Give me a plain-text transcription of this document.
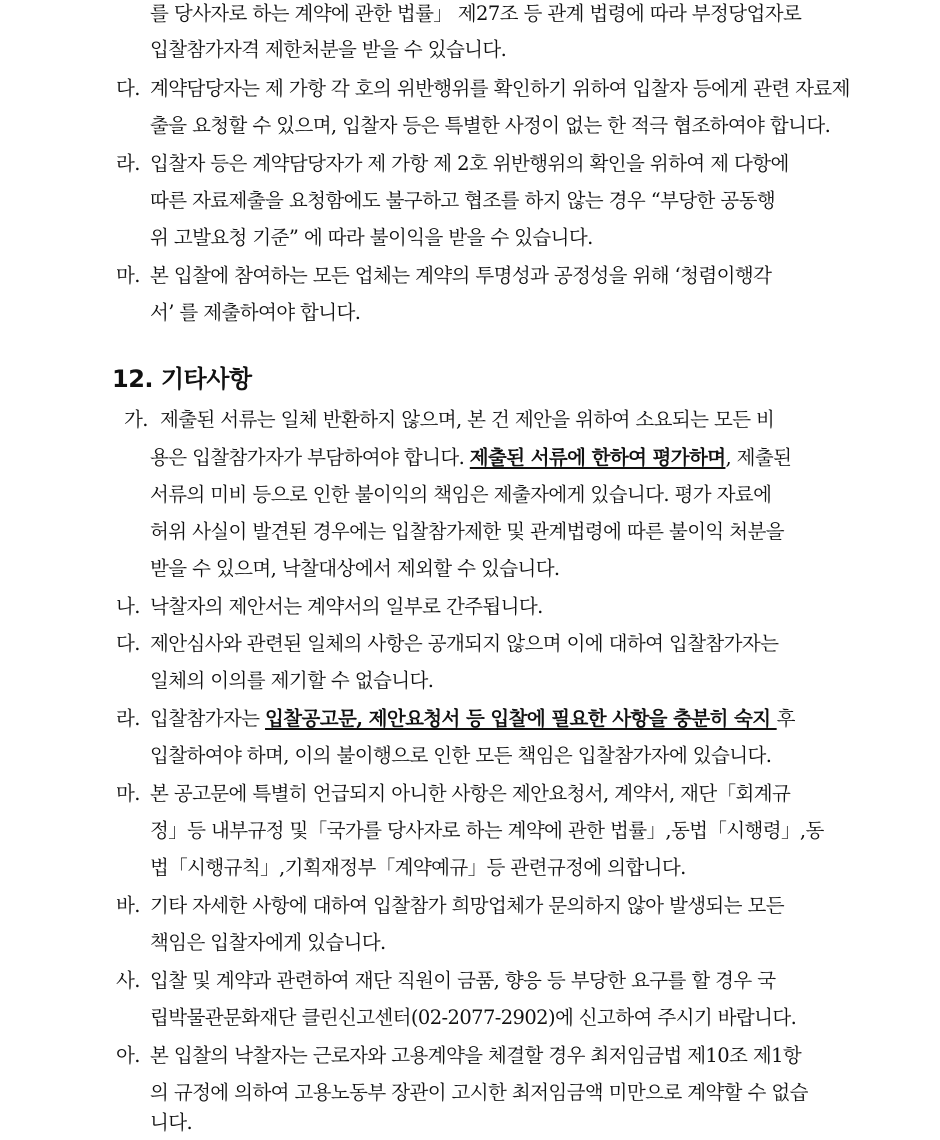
를 당사자로 하는 계약에 관한 법률」 제27조 등 관계 법령에 따라 부정당업자로
입찰참가자격 제한처분을 받을 수 있습니다.
다. 계약담당자는 제 가항 각 호의 위반행위를 확인하기 위하여 입찰자 등에게 관련 자료제
출을 요청할 수 있으며, 입찰자 등은 특별한 사정이 없는 한 적극 협조하여야 합니다.
라. 입찰자 등은 계약담당자가 제 가항 제 2호 위반행위의 확인을 위하여 제 다항에
따른 자료제출을 요청함에도 불구하고 협조를 하지 않는 경우 “부당한 공동행
위 고발요청 기준” 에 따라 불이익을 받을 수 있습니다.
마. 본 입찰에 참여하는 모든 업체는 계약의 투명성과 공정성을 위해 ‘청렴이행각
서’ 를 제출하여야 합니다.
12. 기타사항
가. 제출된 서류는 일체 반환하지 않으며, 본 건 제안을 위하여 소요되는 모든 비
용은 입찰참가자가 부담하여야 합니다. 제출된 서류에 한하여 평가하며, 제출된
서류의 미비 등으로 인한 불이익의 책임은 제출자에게 있습니다. 평가 자료에
허위 사실이 발견된 경우에는 입찰참가제한 및 관계법령에 따른 불이익 처분을
받을 수 있으며, 낙찰대상에서 제외할 수 있습니다.
나. 낙찰자의 제안서는 계약서의 일부로 간주됩니다.
다. 제안심사와 관련된 일체의 사항은 공개되지 않으며 이에 대하여 입찰참가자는
일체의 이의를 제기할 수 없습니다.
라. 입찰참가자는 입찰공고문, 제안요청서 등 입찰에 필요한 사항을 충분히 숙지 후
입찰하여야 하며, 이의 불이행으로 인한 모든 책임은 입찰참가자에 있습니다.
마. 본 공고문에 특별히 언급되지 아니한 사항은 제안요청서, 계약서, 재단「회계규
정」등 내부규정 및「국가를 당사자로 하는 계약에 관한 법률」,동법「시행령」,동
법「시행규칙」,기획재정부「계약예규」등 관련규정에 의합니다.
바. 기타 자세한 사항에 대하여 입찰참가 희망업체가 문의하지 않아 발생되는 모든
책임은 입찰자에게 있습니다.
사. 입찰 및 계약과 관련하여 재단 직원이 금품, 향응 등 부당한 요구를 할 경우 국
립박물관문화재단 클린신고센터(02-2077-2902)에 신고하여 주시기 바랍니다.
아. 본 입찰의 낙찰자는 근로자와 고용계약을 체결할 경우 최저임금법 제10조 제1항
의 규정에 의하여 고용노동부 장관이 고시한 최저임금액 미만으로 계약할 수 없습
니다.
